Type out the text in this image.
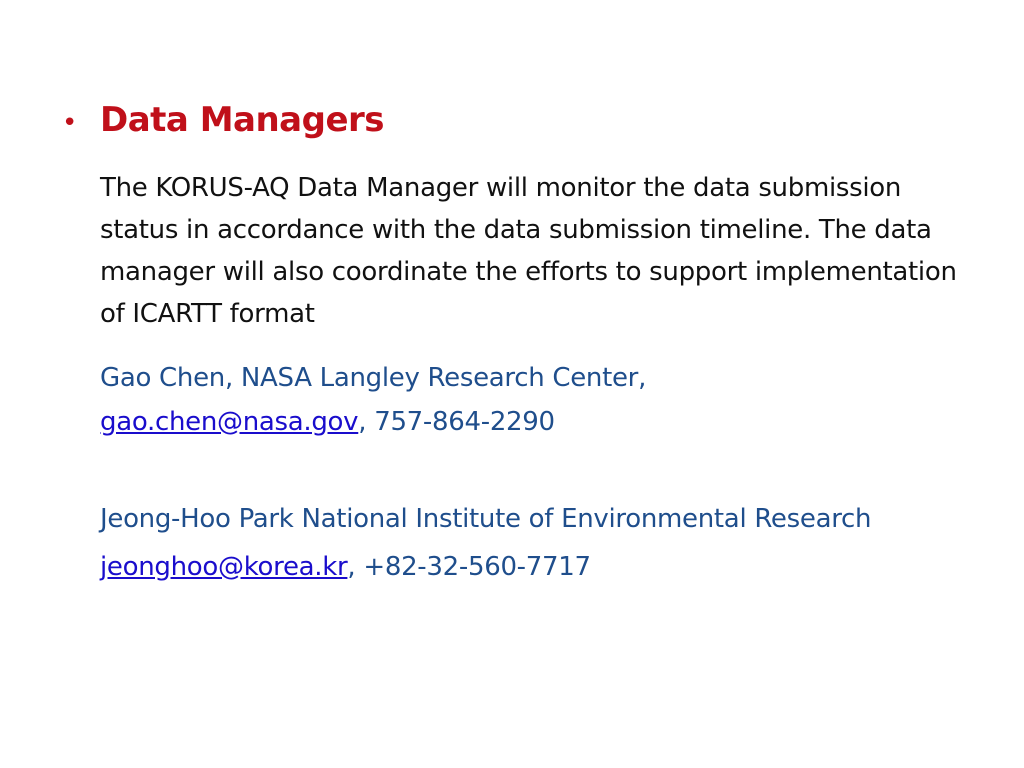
• Data Managers
The KORUS-AQ Data Manager will monitor the data submission status in accordance with the data submission timeline. The data manager will also coordinate the efforts to support implementation of ICARTT format
Gao Chen, NASA Langley Research Center,
gao.chen@nasa.gov, 757-864-2290
Jeong-Hoo Park National Institute of Environmental Research
jeonghoo@korea.kr, +82-32-560-7717
